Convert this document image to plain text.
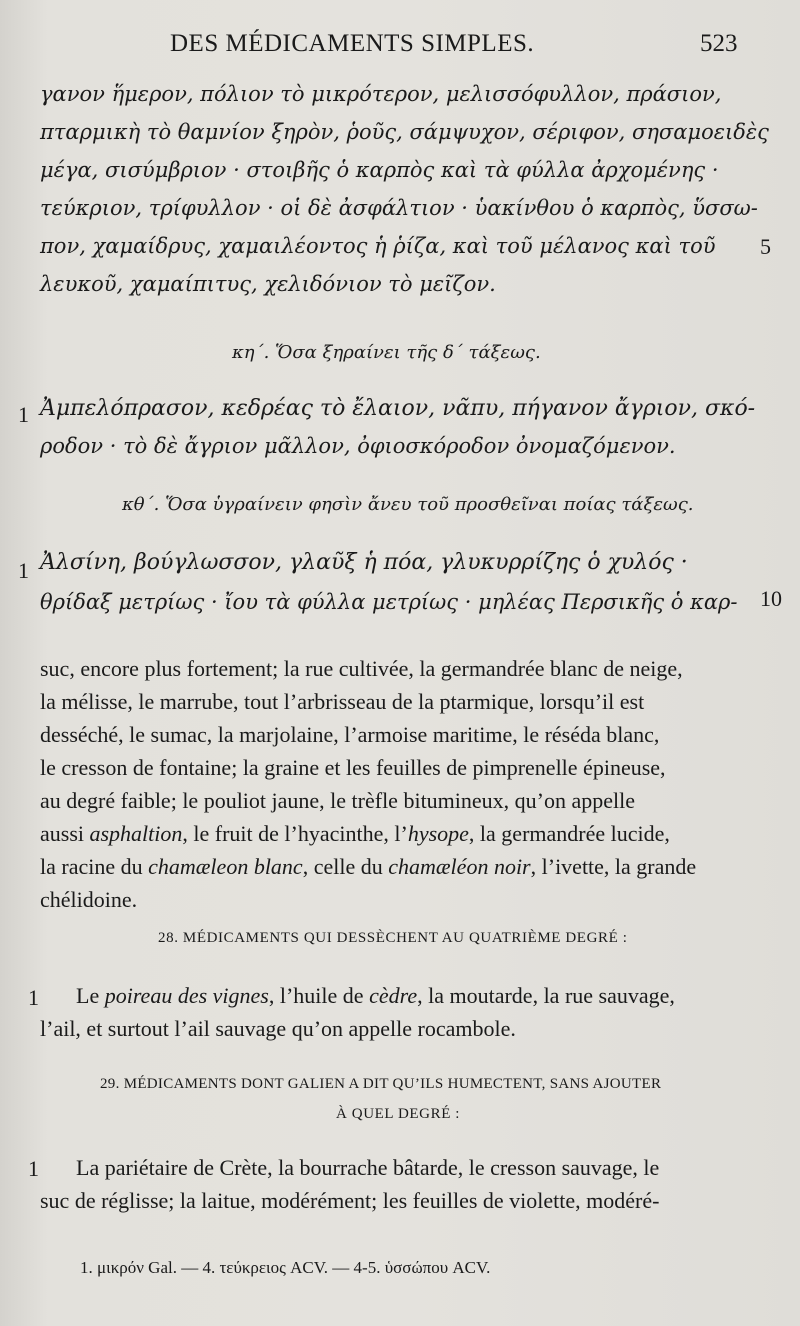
DES MÉDICAMENTS SIMPLES.	523
γανον ἥμερον, πόλιον τὸ μικρότερον, μελισσόφυλλον, πράσιον,
πταρμικὴ τὸ θαμνίον ξηρὸν, ῥοῦς, σάμψυχον, σέριφον, σησαμοειδὲς
μέγα, σισύμβριον · στοιβῆς ὁ καρπὸς καὶ τὰ φύλλα ἀρχομένης ·
τεύκριον, τρίφυλλον · οἱ δὲ ἀσφάλτιον · ὑακίνθου ὁ καρπὸς, ὕσσω-
πον, χαμαίδρυς, χαμαιλέοντος ἡ ῥίζα, καὶ τοῦ μέλανος καὶ τοῦ
λευκοῦ, χαμαίπιτυς, χελιδόνιον τὸ μεῖζον.
5
κη΄. Ὅσα ξηραίνει τῆς δ΄ τάξεως.
1 Ἀμπελόπρασον, κεδρέας τὸ ἔλαιον, νᾶπυ, πήγανον ἄγριον, σκό-
ροδον · τὸ δὲ ἄγριον μᾶλλον, ὀφιοσκόροδον ὀνομαζόμενον.
κθ΄. Ὅσα ὑγραίνειν φησὶν ἄνευ τοῦ προσθεῖναι ποίας τάξεως.
1 Ἀλσίνη, βούγλωσσον, γλαῦξ ἡ πόα, γλυκυρρίζης ὁ χυλός ·
θρίδαξ μετρίως · ἴου τὰ φύλλα μετρίως · μηλέας Περσικῆς ὁ καρ- 10
suc, encore plus fortement; la rue cultivée, la germandrée blanc de neige,
la mélisse, le marrube, tout l’arbrisseau de la ptarmique, lorsqu’il est
desséché, le sumac, la marjolaine, l’armoise maritime, le réséda blanc,
le cresson de fontaine; la graine et les feuilles de pimprenelle épineuse,
au degré faible; le pouliot jaune, le trèfle bitumineux, qu’on appelle
aussi asphaltion, le fruit de l’hyacinthe, l’hysope, la germandrée lucide,
la racine du chamæleon blanc, celle du chamæléon noir, l’ivette, la grande
chélidoine.
28. MÉDICAMENTS QUI DESSÈCHENT AU QUATRIÈME DEGRÉ :
1 Le poireau des vignes, l’huile de cèdre, la moutarde, la rue sauvage,
l’ail, et surtout l’ail sauvage qu’on appelle rocambole.
29. MÉDICAMENTS DONT GALIEN A DIT QU’ILS HUMECTENT, SANS AJOUTER
À QUEL DEGRÉ :
1 La pariétaire de Crète, la bourrache bâtarde, le cresson sauvage, le
suc de réglisse; la laitue, modérément; les feuilles de violette, modéré-
1. μικρόν Gal. — 4. τεύκρειος ACV. — 4-5. ὑσσώπου ACV.
